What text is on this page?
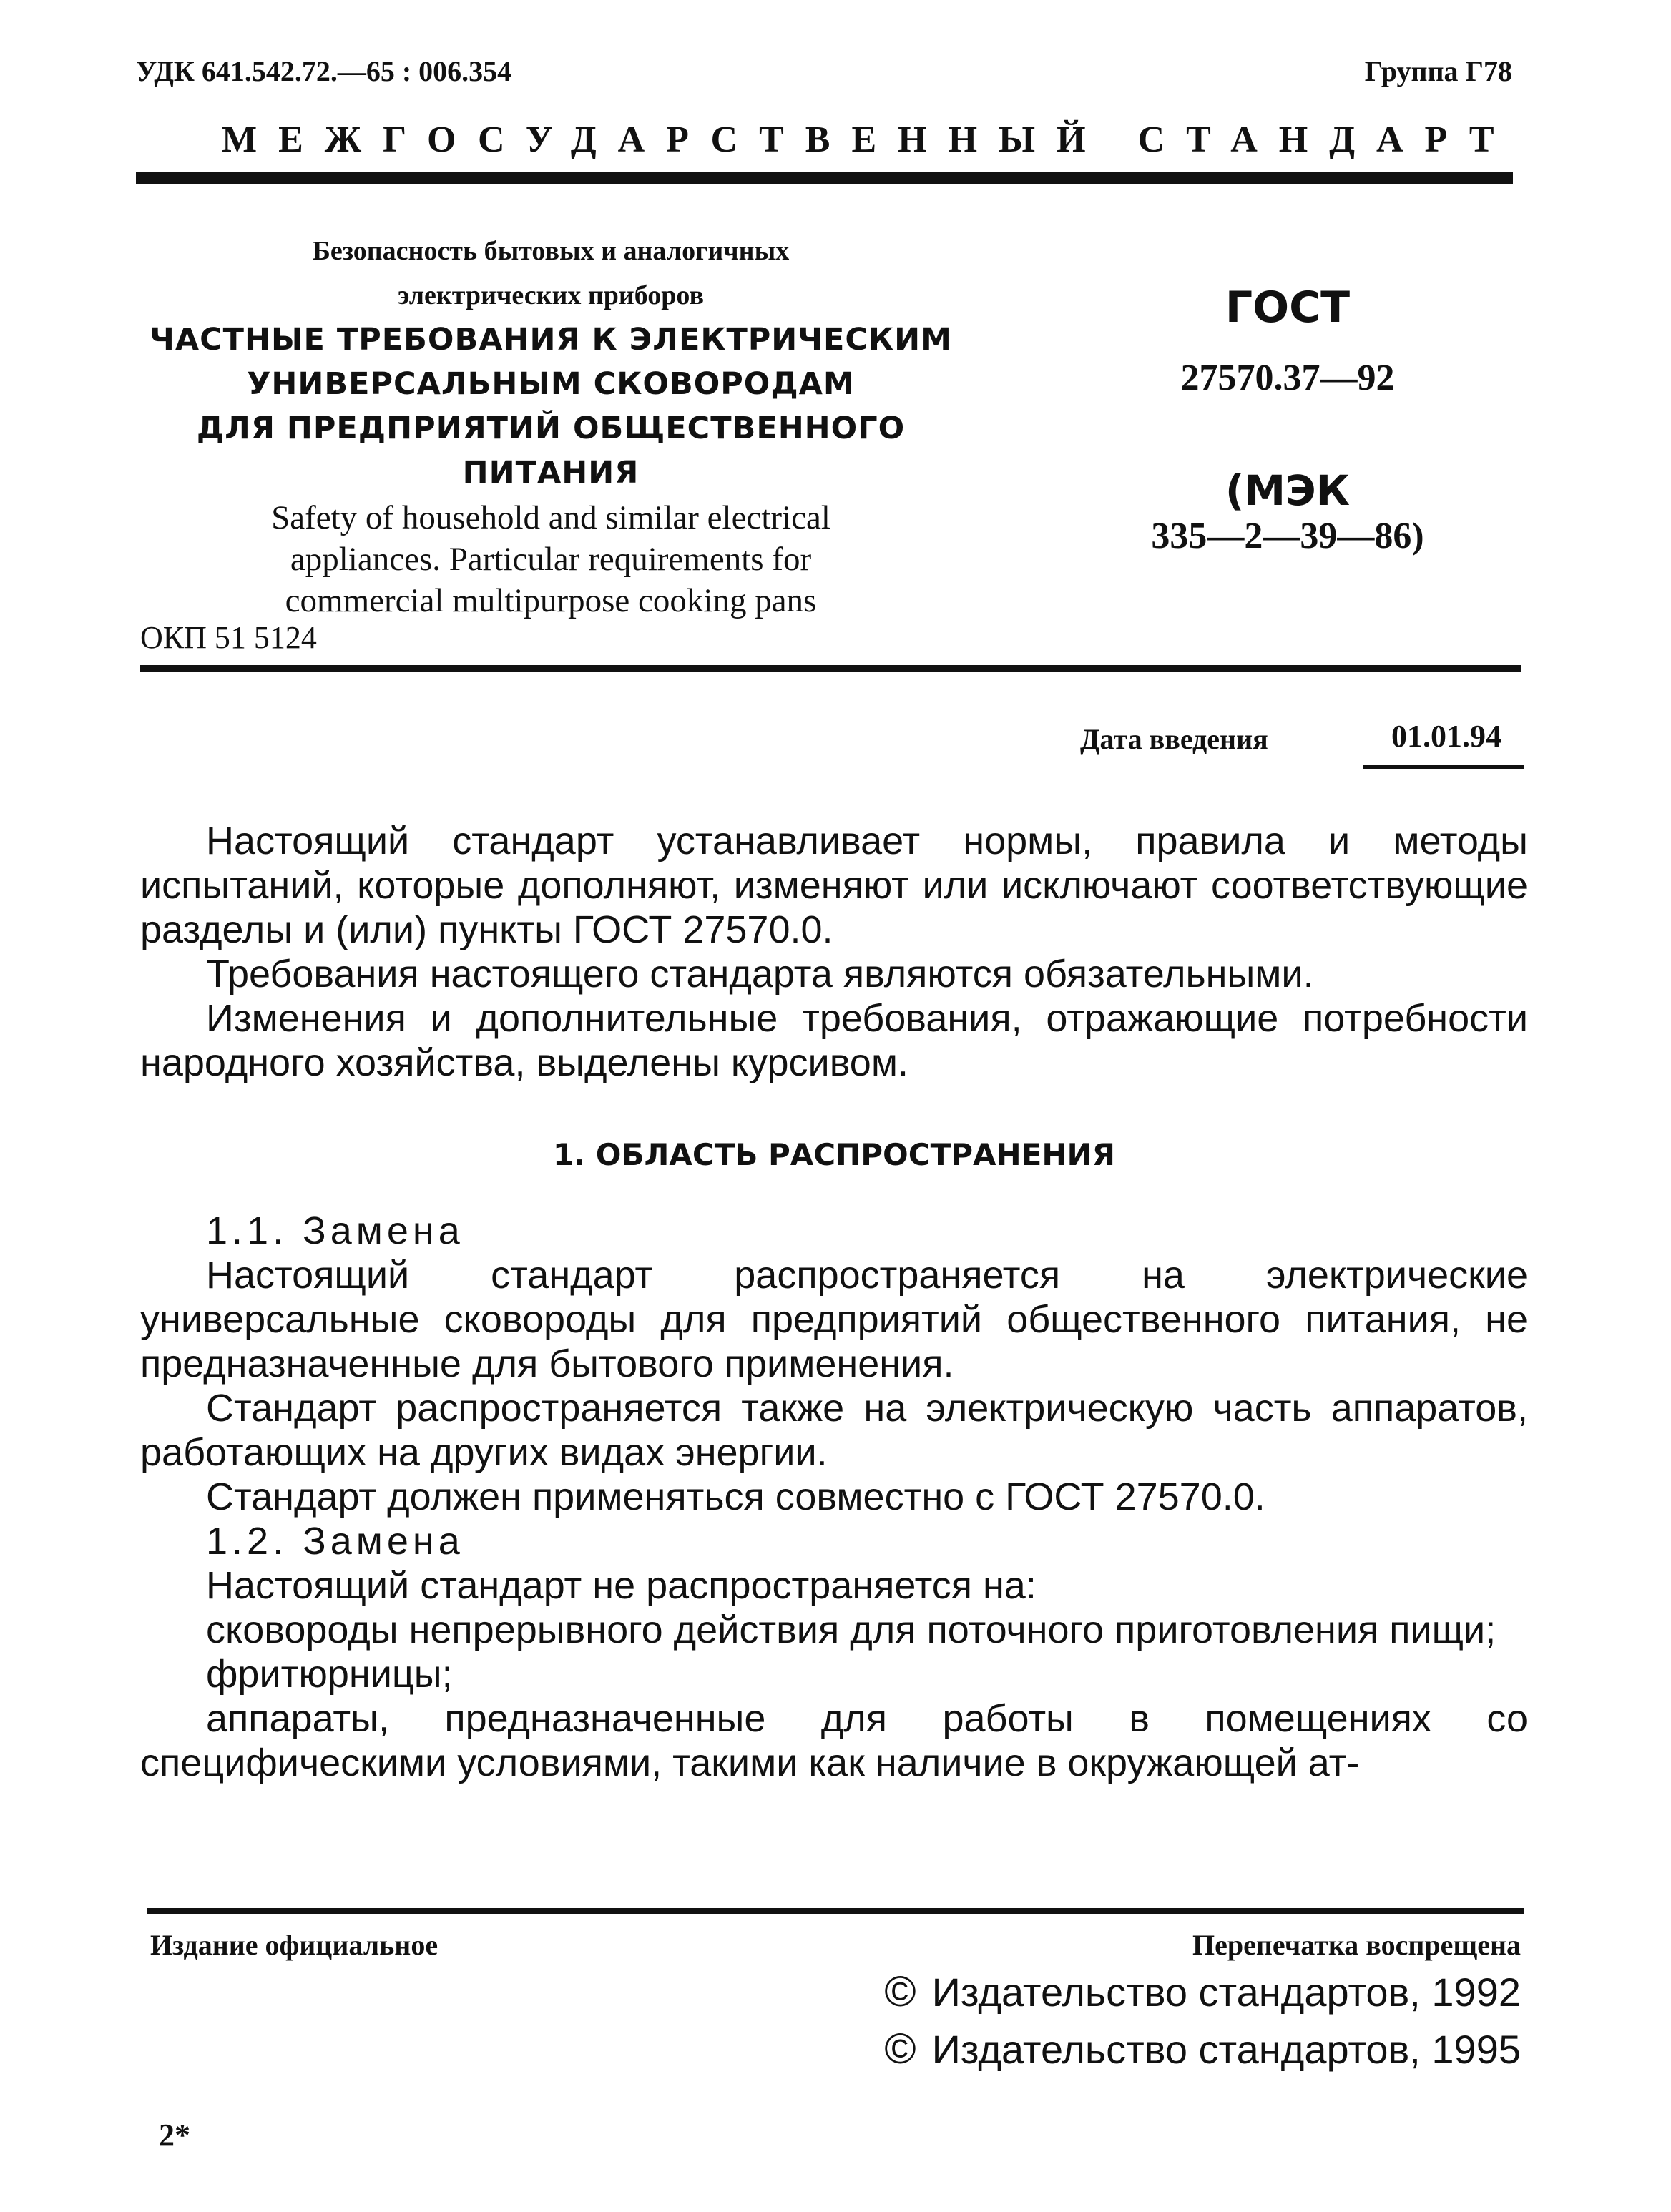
УДК 641.542.72.—65 : 006.354	Группа Г78
МЕЖГОСУДАРСТВЕННЫЙ СТАНДАРТ
Безопасность бытовых и аналогичных
электрических приборов
ЧАСТНЫЕ ТРЕБОВАНИЯ К ЭЛЕКТРИЧЕСКИМ
УНИВЕРСАЛЬНЫМ СКОВОРОДАМ
ДЛЯ ПРЕДПРИЯТИЙ ОБЩЕСТВЕННОГО
ПИТАНИЯ
Safety of household and similar electrical
appliances. Particular requirements for
commercial multipurpose cooking pans
ОКП 51 5124
ГОСТ
27570.37—92
(МЭК
335—2—39—86)
Дата введения	01.01.94

Настоящий стандарт устанавливает нормы, правила и методы испытаний, которые дополняют, изменяют или исключают соответствующие разделы и (или) пункты ГОСТ 27570.0.

Требования настоящего стандарта являются обязательными.

Изменения и дополнительные требования, отражающие потребности народного хозяйства, выделены курсивом.

1. ОБЛАСТЬ РАСПРОСТРАНЕНИЯ

1.1. Замена

Настоящий стандарт распространяется на электрические универсальные сковороды для предприятий общественного питания, не предназначенные для бытового применения.

Стандарт распространяется также на электрическую часть аппаратов, работающих на других видах энергии.

Стандарт должен применяться совместно с ГОСТ 27570.0.

1.2. Замена

Настоящий стандарт не распространяется на:

сковороды непрерывного действия для поточного приготовления пищи;

фритюрницы;

аппараты, предназначенные для работы в помещениях со специфическими условиями, такими как наличие в окружающей ат-

Издание официальное	Перепечатка воспрещена
© Издательство стандартов, 1992
© Издательство стандартов, 1995
2*
